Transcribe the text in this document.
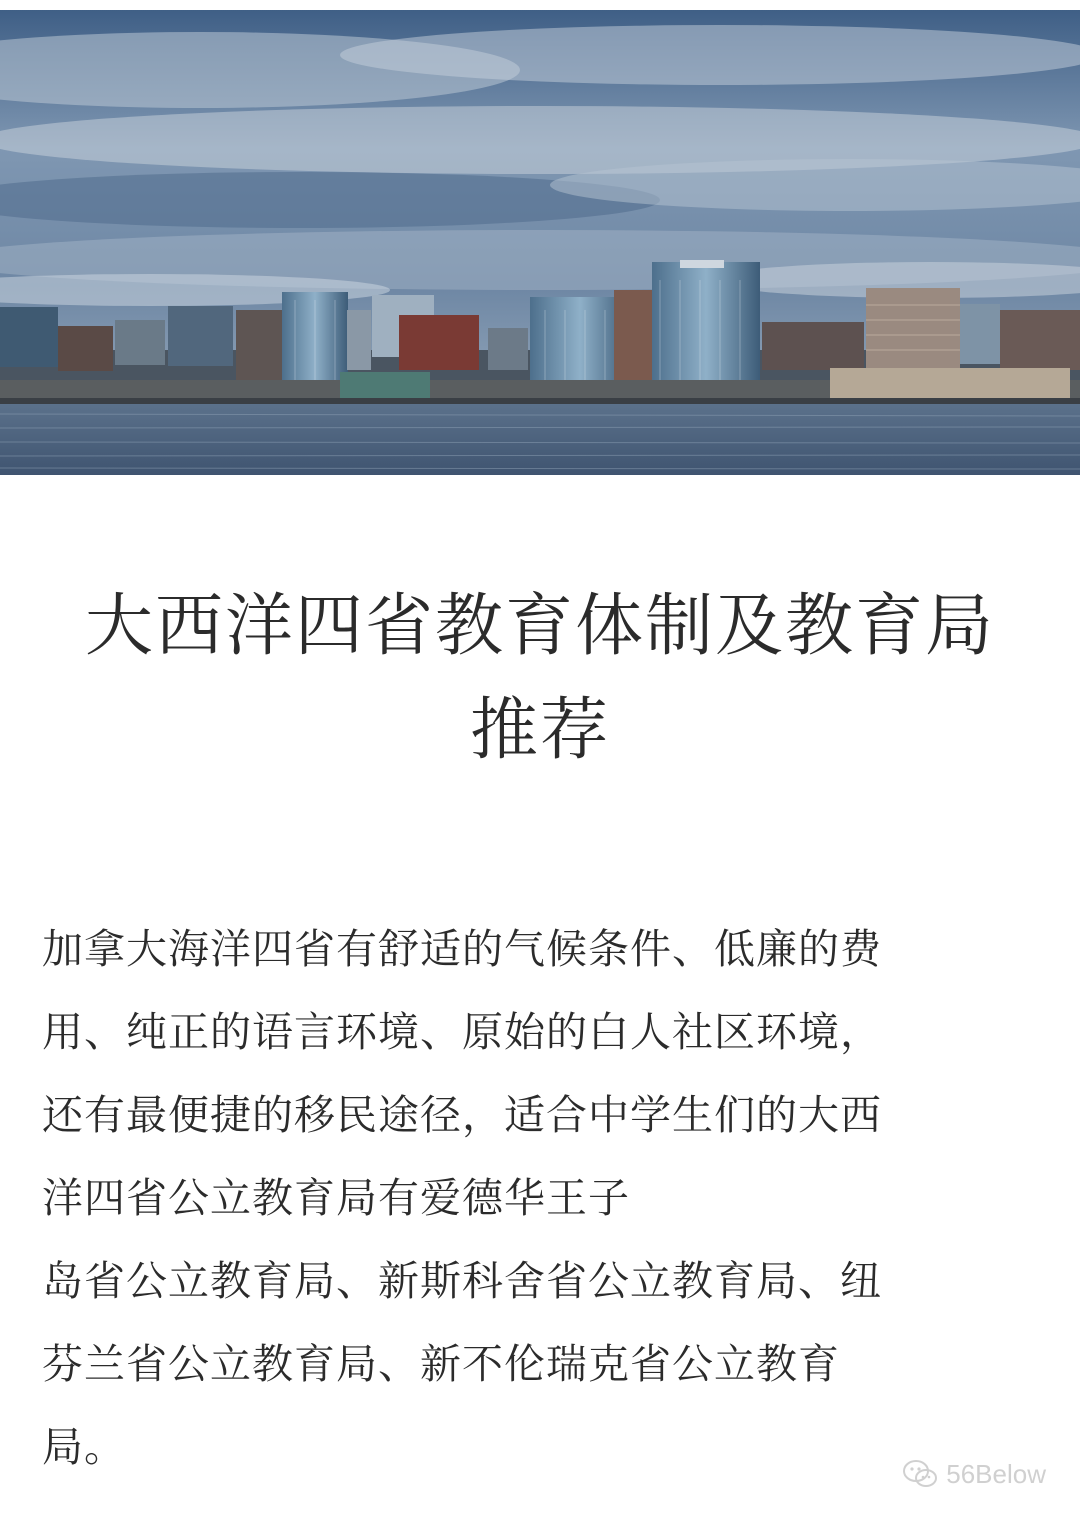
大西洋四省教育体制及教育局
推荐

加拿大海洋四省有舒适的气候条件、低廉的费
用、纯正的语言环境、原始的白人社区环境，
还有最便捷的移民途径，适合中学生们的大西
洋四省公立教育局有爱德华王子
岛省公立教育局、新斯科舍省公立教育局、纽
芬兰省公立教育局、新不伦瑞克省公立教育
局。

56Below
